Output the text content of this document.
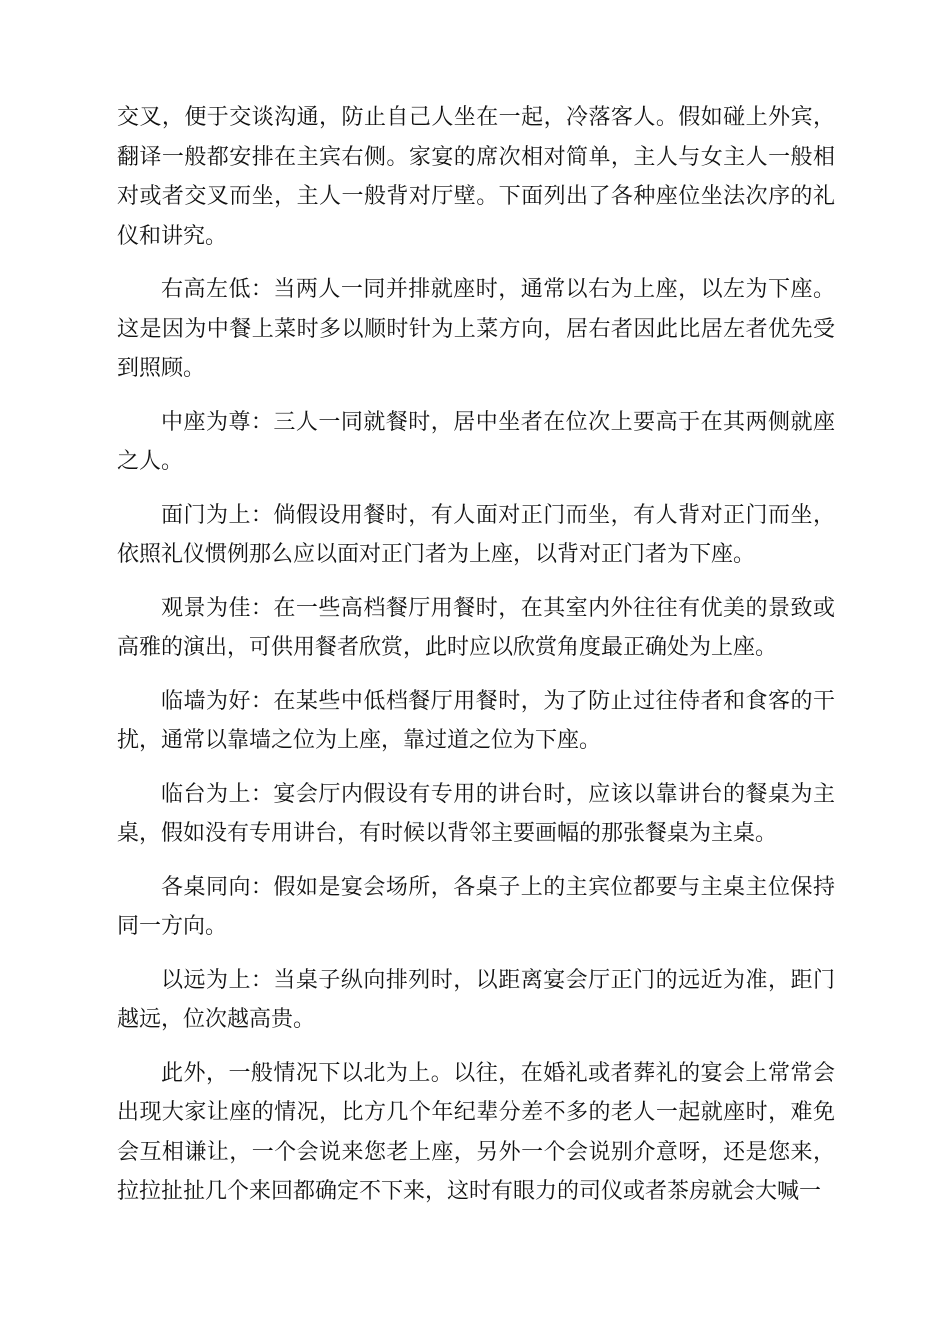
交叉，便于交谈沟通，防止自己人坐在一起，冷落客人。假如碰上外宾，翻译一般都安排在主宾右侧。家宴的席次相对简单，主人与女主人一般相对或者交叉而坐，主人一般背对厅壁。下面列出了各种座位坐法次序的礼仪和讲究。

右高左低：当两人一同并排就座时，通常以右为上座，以左为下座。这是因为中餐上菜时多以顺时针为上菜方向，居右者因此比居左者优先受到照顾。

中座为尊：三人一同就餐时，居中坐者在位次上要高于在其两侧就座之人。

面门为上：倘假设用餐时，有人面对正门而坐，有人背对正门而坐，依照礼仪惯例那么应以面对正门者为上座，以背对正门者为下座。

观景为佳：在一些高档餐厅用餐时，在其室内外往往有优美的景致或高雅的演出，可供用餐者欣赏，此时应以欣赏角度最正确处为上座。

临墙为好：在某些中低档餐厅用餐时，为了防止过往侍者和食客的干扰，通常以靠墙之位为上座，靠过道之位为下座。

临台为上：宴会厅内假设有专用的讲台时，应该以靠讲台的餐桌为主桌，假如没有专用讲台，有时候以背邻主要画幅的那张餐桌为主桌。

各桌同向：假如是宴会场所，各桌子上的主宾位都要与主桌主位保持同一方向。

以远为上：当桌子纵向排列时，以距离宴会厅正门的远近为准，距门越远，位次越高贵。

此外，一般情况下以北为上。以往，在婚礼或者葬礼的宴会上常常会出现大家让座的情况，比方几个年纪辈分差不多的老人一起就座时，难免会互相谦让，一个会说来您老上座，另外一个会说别介意呀，还是您来，拉拉扯扯几个来回都确定不下来，这时有眼力的司仪或者茶房就会大喊一
